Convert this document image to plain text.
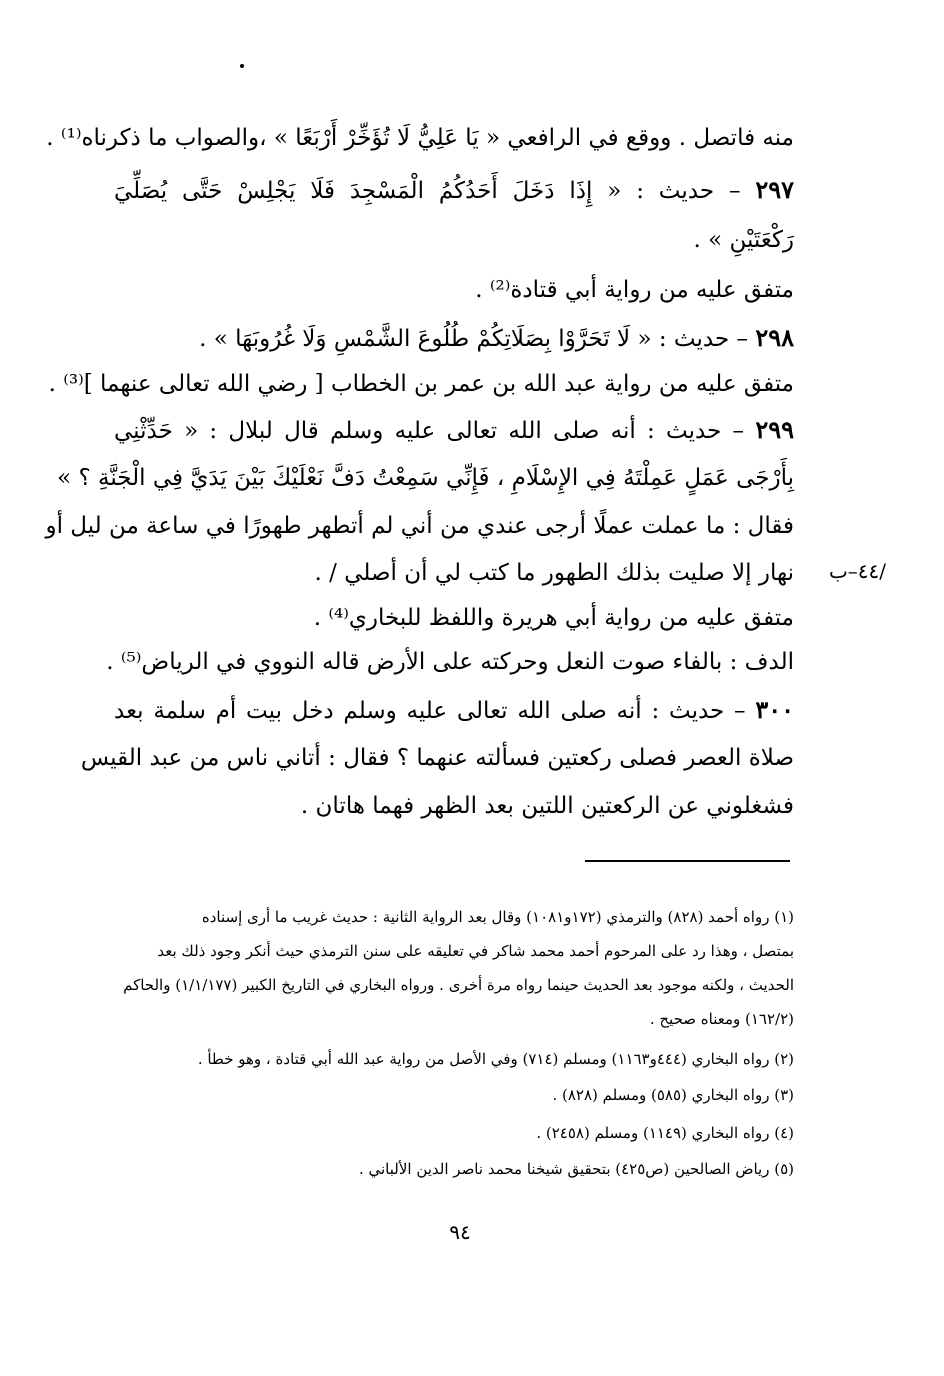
منه فاتصل . ووقع في الرافعي « يَا عَلِيُّ لَا تُؤَخِّرْ أَرْبَعًا » ،والصواب ما ذكرناه⁽¹⁾ .
٢٩٧ – حديث : « إِذَا دَخَلَ أَحَدُكُمُ الْمَسْجِدَ فَلَا يَجْلِسْ حَتَّى يُصَلِّيَ
رَكْعَتَيْنِ » .
متفق عليه من رواية أبي قتادة⁽²⁾ .
٢٩٨ – حديث : « لَا تَحَرَّوْا بِصَلَاتِكُمْ طُلُوعَ الشَّمْسِ وَلَا غُرُوبَهَا » .
متفق عليه من رواية عبد الله بن عمر بن الخطاب [ رضي الله تعالى عنهما ]⁽³⁾ .
٢٩٩ – حديث : أنه صلى الله تعالى عليه وسلم قال لبلال : « حَدِّثْنِي
بِأَرْجَى عَمَلٍ عَمِلْتَهُ فِي الإِسْلَامِ ، فَإِنِّي سَمِعْتُ دَفَّ نَعْلَيْكَ بَيْنَ يَدَيَّ فِي الْجَنَّةِ ؟ »
فقال : ما عملت عملًا أرجى عندي من أني لم أتطهر طهورًا في ساعة من ليل أو
نهار إلا صليت بذلك الطهور ما كتب لي أن أصلي / .	/٤٤–ب
متفق عليه من رواية أبي هريرة واللفظ للبخاري⁽⁴⁾ .
الدف : بالفاء صوت النعل وحركته على الأرض قاله النووي في الرياض⁽⁵⁾ .
٣٠٠ – حديث : أنه صلى الله تعالى عليه وسلم دخل بيت أم سلمة بعد
صلاة العصر فصلى ركعتين فسألته عنهما ؟ فقال : أتاني ناس من عبد القيس
فشغلوني عن الركعتين اللتين بعد الظهر فهما هاتان .
(١) رواه أحمد (٨٢٨) والترمذي (١٧٢و١٠٨١) وقال بعد الرواية الثانية : حديث غريب ما أرى إسناده
بمتصل ، وهذا رد على المرحوم أحمد محمد شاكر في تعليقه على سنن الترمذي حيث أنكر وجود ذلك بعد
الحديث ، ولكنه موجود بعد الحديث حينما رواه مرة أخرى . ورواه البخاري في التاريخ الكبير (١/١/١٧٧) والحاكم
(١٦٢/٢) ومعناه صحيح .
(٢) رواه البخاري (٤٤٤و١١٦٣) ومسلم (٧١٤) وفي الأصل من رواية عبد الله أبي قتادة ، وهو خطأ .
(٣) رواه البخاري (٥٨٥) ومسلم (٨٢٨) .
(٤) رواه البخاري (١١٤٩) ومسلم (٢٤٥٨) .
(٥) رياض الصالحين (ص٤٢٥) بتحقيق شيخنا محمد ناصر الدين الألباني .
٩٤
